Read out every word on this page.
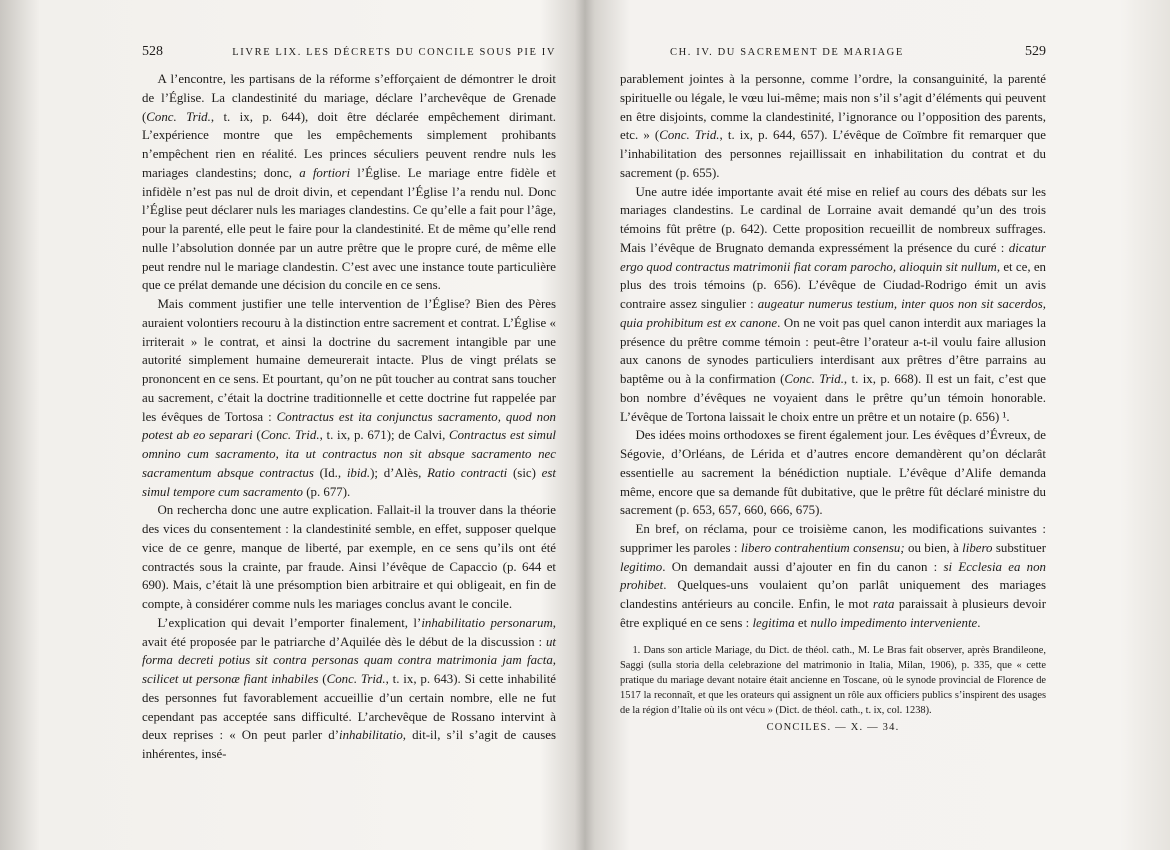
528	LIVRE LIX. LES DÉCRETS DU CONCILE SOUS PIE IV

A l’encontre, les partisans de la réforme s’efforçaient de démontrer le droit de l’Église. La clandestinité du mariage, déclare l’archevêque de Grenade (Conc. Trid., t. ix, p. 644), doit être déclarée empêchement dirimant. L’expérience montre que les empêchements simplement prohibants n’empêchent rien en réalité. Les princes séculiers peuvent rendre nuls les mariages clandestins; donc, a fortiori l’Église. Le mariage entre fidèle et infidèle n’est pas nul de droit divin, et cependant l’Église l’a rendu nul. Donc l’Église peut déclarer nuls les mariages clandestins. Ce qu’elle a fait pour l’âge, pour la parenté, elle peut le faire pour la clandestinité. Et de même qu’elle rend nulle l’absolution donnée par un autre prêtre que le propre curé, de même elle peut rendre nul le mariage clandestin. C’est avec une instance toute particulière que ce prélat demande une décision du concile en ce sens.

Mais comment justifier une telle intervention de l’Église? Bien des Pères auraient volontiers recouru à la distinction entre sacrement et contrat. L’Église « irriterait » le contrat, et ainsi la doctrine du sacrement intangible par une autorité simplement humaine demeurerait intacte. Plus de vingt prélats se prononcent en ce sens. Et pourtant, qu’on ne pût toucher au contrat sans toucher au sacrement, c’était la doctrine traditionnelle et cette doctrine fut rappelée par les évêques de Tortosa : Contractus est ita conjunctus sacramento, quod non potest ab eo separari (Conc. Trid., t. ix, p. 671); de Calvi, Contractus est simul omnino cum sacramento, ita ut contractus non sit absque sacramento nec sacramentum absque contractus (Id., ibid.); d’Alès, Ratio contracti (sic) est simul tempore cum sacramento (p. 677).

On rechercha donc une autre explication. Fallait-il la trouver dans la théorie des vices du consentement : la clandestinité semble, en effet, supposer quelque vice de ce genre, manque de liberté, par exemple, en ce sens qu’ils ont été contractés sous la crainte, par fraude. Ainsi l’évêque de Capaccio (p. 644 et 690). Mais, c’était là une présomption bien arbitraire et qui obligeait, en fin de compte, à considérer comme nuls les mariages conclus avant le concile.

L’explication qui devait l’emporter finalement, l’inhabilitatio personarum, avait été proposée par le patriarche d’Aquilée dès le début de la discussion : ut forma decreti potius sit contra personas quam contra matrimonia jam facta, scilicet ut personæ fiant inhabiles (Conc. Trid., t. ix, p. 643). Si cette inhabilité des personnes fut favorablement accueillie d’un certain nombre, elle ne fut cependant pas acceptée sans difficulté. L’archevêque de Rossano intervint à deux reprises : « On peut parler d’inhabilitatio, dit-il, s’il s’agit de causes inhérentes, insé-

CH. IV. DU SACREMENT DE MARIAGE	529

parablement jointes à la personne, comme l’ordre, la consanguinité, la parenté spirituelle ou légale, le vœu lui-même; mais non s’il s’agit d’éléments qui peuvent en être disjoints, comme la clandestinité, l’ignorance ou l’opposition des parents, etc. » (Conc. Trid., t. ix, p. 644, 657). L’évêque de Coïmbre fit remarquer que l’inhabilitation des personnes rejaillissait en inhabilitation du contrat et du sacrement (p. 655).

Une autre idée importante avait été mise en relief au cours des débats sur les mariages clandestins. Le cardinal de Lorraine avait demandé qu’un des trois témoins fût prêtre (p. 642). Cette proposition recueillit de nombreux suffrages. Mais l’évêque de Brugnato demanda expressément la présence du curé : dicatur ergo quod contractus matrimonii fiat coram parocho, alioquin sit nullum, et ce, en plus des trois témoins (p. 656). L’évêque de Ciudad-Rodrigo émit un avis contraire assez singulier : augeatur numerus testium, inter quos non sit sacerdos, quia prohibitum est ex canone. On ne voit pas quel canon interdit aux mariages la présence du prêtre comme témoin : peut-être l’orateur a-t-il voulu faire allusion aux canons de synodes particuliers interdisant aux prêtres d’être parrains au baptême ou à la confirmation (Conc. Trid., t. ix, p. 668). Il est un fait, c’est que bon nombre d’évêques ne voyaient dans le prêtre qu’un témoin honorable. L’évêque de Tortona laissait le choix entre un prêtre et un notaire (p. 656) ¹.

Des idées moins orthodoxes se firent également jour. Les évêques d’Évreux, de Ségovie, d’Orléans, de Lérida et d’autres encore demandèrent qu’on déclarât essentielle au sacrement la bénédiction nuptiale. L’évêque d’Alife demanda même, encore que sa demande fût dubitative, que le prêtre fût déclaré ministre du sacrement (p. 653, 657, 660, 666, 675).

En bref, on réclama, pour ce troisième canon, les modifications suivantes : supprimer les paroles : libero contrahentium consensu; ou bien, à libero substituer legitimo. On demandait aussi d’ajouter en fin du canon : si Ecclesia ea non prohibet. Quelques-uns voulaient qu’on parlât uniquement des mariages clandestins antérieurs au concile. Enfin, le mot rata paraissait à plusieurs devoir être expliqué en ce sens : legitima et nullo impedimento interveniente.

1. Dans son article Mariage, du Dict. de théol. cath., M. Le Bras fait observer, après Brandileone, Saggi (sulla storia della celebrazione del matrimonio in Italia, Milan, 1906), p. 335, que « cette pratique du mariage devant notaire était ancienne en Toscane, où le synode provincial de Florence de 1517 la reconnaît, et que les orateurs qui assignent un rôle aux officiers publics s’inspirent des usages de la région d’Italie où ils ont vécu » (Dict. de théol. cath., t. ix, col. 1238).

CONCILES. — X. — 34.
